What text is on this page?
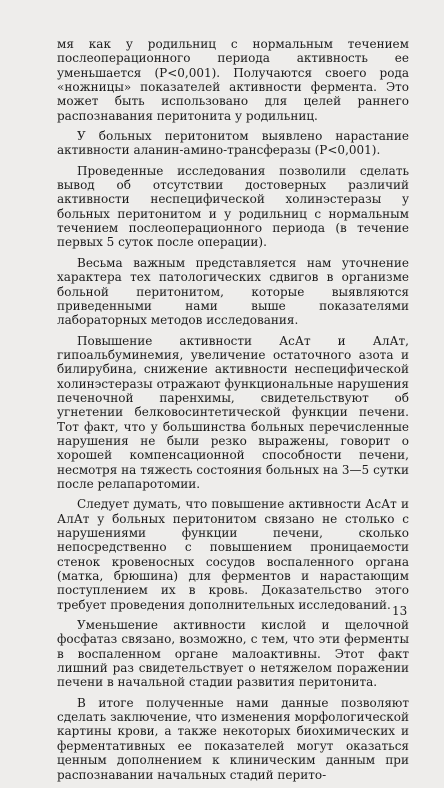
мя как у родильниц с нормальным течением послеоперационного периода активность ее уменьшается (P<0,001). Получаются своего рода «ножницы» показателей активности фермента. Это может быть использовано для целей раннего распознавания перитонита у родильниц.

У больных перитонитом выявлено нарастание активности аланин-амино-трансферазы (P<0,001).

Проведенные исследования позволили сделать вывод об отсутствии достоверных различий активности неспецифической холинэстеразы у больных перитонитом и у родильниц с нормальным течением послеоперационного периода (в течение первых 5 суток после операции).

Весьма важным представляется нам уточнение характера тех патологических сдвигов в организме больной перитонитом, которые выявляются приведенными нами выше показателями лабораторных методов исследования.

Повышение активности АсАт и АлАт, гипоальбуминемия, увеличение остаточного азота и билирубина, снижение активности неспецифической холинэстеразы отражают функциональные нарушения печеночной паренхимы, свидетельствуют об угнетении белковосинтетической функции печени. Тот факт, что у большинства больных перечисленные нарушения не были резко выражены, говорит о хорошей компенсационной способности печени, несмотря на тяжесть состояния больных на 3—5 сутки после релапаротомии.

Следует думать, что повышение активности АсАт и АлАт у больных перитонитом связано не столько с нарушениями функции печени, сколько непосредственно с повышением проницаемости стенок кровеносных сосудов воспаленного органа (матка, брюшина) для ферментов и нарастающим поступлением их в кровь. Доказательство этого требует проведения дополнительных исследований.

Уменьшение активности кислой и щелочной фосфатаз связано, возможно, с тем, что эти ферменты в воспаленном органе малоактивны. Этот факт лишний раз свидетельствует о нетяжелом поражении печени в начальной стадии развития перитонита.

В итоге полученные нами данные позволяют сделать заключение, что изменения морфологической картины крови, а также некоторых биохимических и ферментативных ее показателей могут оказаться ценным дополнением к клиническим данным при распознавании начальных стадий перито-

13
